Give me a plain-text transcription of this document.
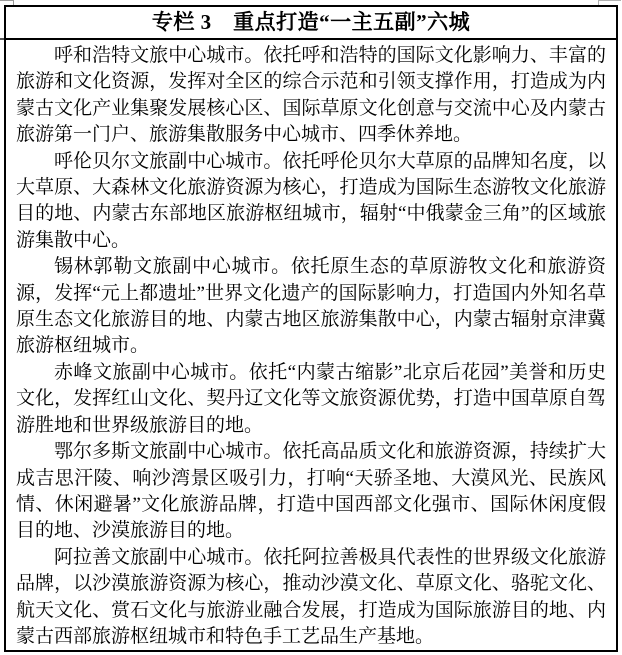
专栏 3　重点打造“一主五副”六城

呼和浩特文旅中心城市。依托呼和浩特的国际文化影响力、丰富的旅游和文化资源，发挥对全区的综合示范和引领支撑作用，打造成为内蒙古文化产业集聚发展核心区、国际草原文化创意与交流中心及内蒙古旅游第一门户、旅游集散服务中心城市、四季休养地。

呼伦贝尔文旅副中心城市。依托呼伦贝尔大草原的品牌知名度，以大草原、大森林文化旅游资源为核心，打造成为国际生态游牧文化旅游目的地、内蒙古东部地区旅游枢纽城市，辐射“中俄蒙金三角”的区域旅游集散中心。

锡林郭勒文旅副中心城市。依托原生态的草原游牧文化和旅游资源，发挥“元上都遗址”世界文化遗产的国际影响力，打造国内外知名草原生态文化旅游目的地、内蒙古地区旅游集散中心，内蒙古辐射京津冀旅游枢纽城市。

赤峰文旅副中心城市。依托“内蒙古缩影”北京后花园”美誉和历史文化，发挥红山文化、契丹辽文化等文旅资源优势，打造中国草原自驾游胜地和世界级旅游目的地。

鄂尔多斯文旅副中心城市。依托高品质文化和旅游资源，持续扩大成吉思汗陵、响沙湾景区吸引力，打响“天骄圣地、大漠风光、民族风情、休闲避暑”文化旅游品牌，打造中国西部文化强市、国际休闲度假目的地、沙漠旅游目的地。

阿拉善文旅副中心城市。依托阿拉善极具代表性的世界级文化旅游品牌，以沙漠旅游资源为核心，推动沙漠文化、草原文化、骆驼文化、航天文化、赏石文化与旅游业融合发展，打造成为国际旅游目的地、内蒙古西部旅游枢纽城市和特色手工艺品生产基地。
